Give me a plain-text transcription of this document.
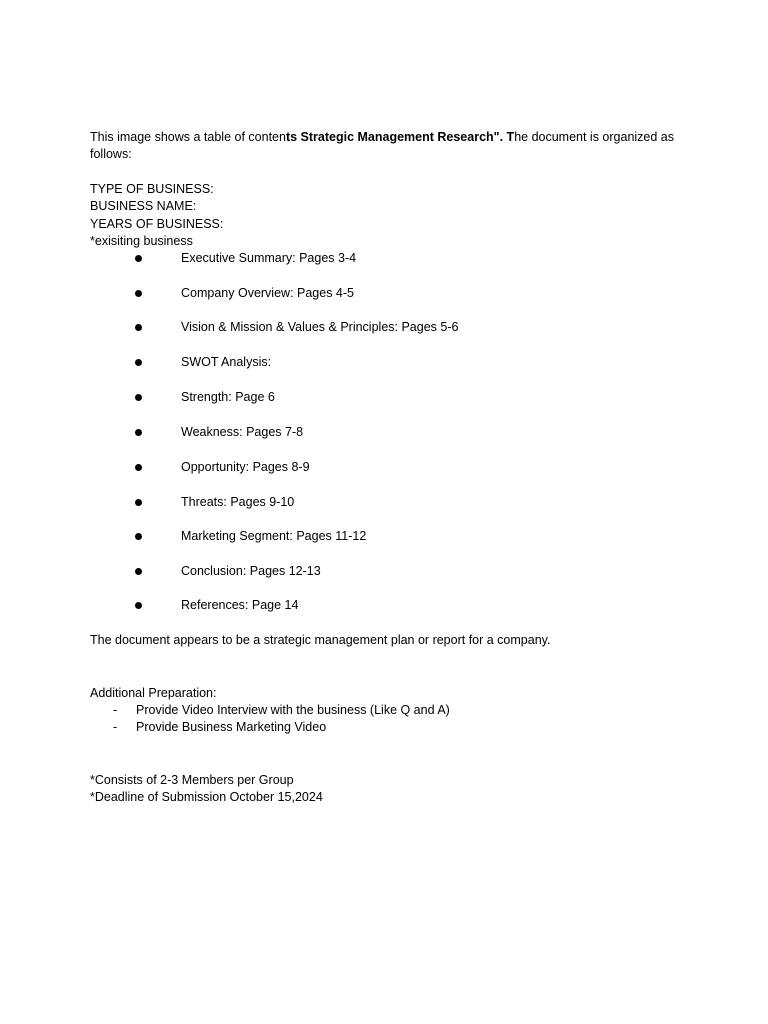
This image shows a table of contents Strategic Management Research". The document is organized as follows:
TYPE OF BUSINESS:
BUSINESS NAME:
YEARS OF BUSINESS:
*exisiting business
Executive Summary: Pages 3-4
Company Overview: Pages 4-5
Vision & Mission & Values & Principles: Pages 5-6
SWOT Analysis:
Strength: Page 6
Weakness: Pages 7-8
Opportunity: Pages 8-9
Threats: Pages 9-10
Marketing Segment: Pages 11-12
Conclusion: Pages 12-13
References: Page 14
The document appears to be a strategic management plan or report for a company.
Additional Preparation:
- Provide Video Interview with the business (Like Q and A)
- Provide Business Marketing Video
*Consists of 2-3 Members per Group
*Deadline of Submission October 15,2024
